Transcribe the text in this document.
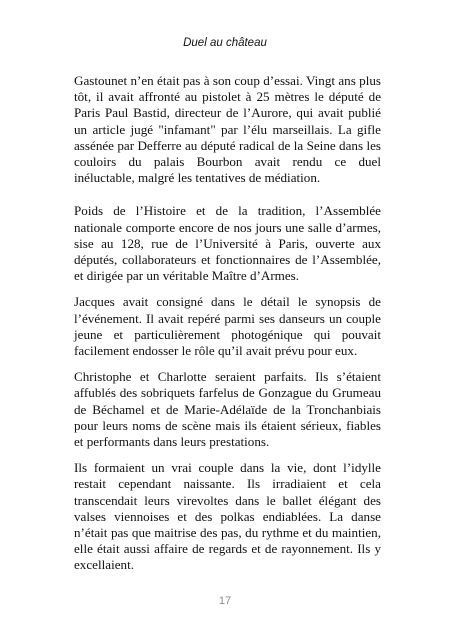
Duel au château

Gastounet n’en était pas à son coup d’essai. Vingt ans plus tôt, il avait affronté au pistolet à 25 mètres le député de Paris Paul Bastid, directeur de l’Aurore, qui avait publié un article jugé "infamant" par l’élu marseillais. La gifle assénée par Defferre au député radical de la Seine dans les couloirs du palais Bourbon avait rendu ce duel inéluctable, malgré les tentatives de médiation.

Poids de l’Histoire et de la tradition, l’Assemblée nationale comporte encore de nos jours une salle d’armes, sise au 128, rue de l’Université à Paris, ouverte aux députés, collaborateurs et fonctionnaires de l’Assemblée, et dirigée par un véritable Maître d’Armes.

Jacques avait consigné dans le détail le synopsis de l’événement. Il avait repéré parmi ses danseurs un couple jeune et particulièrement photogénique qui pouvait facilement endosser le rôle qu’il avait prévu pour eux.

Christophe et Charlotte seraient parfaits. Ils s’étaient affublés des sobriquets farfelus de Gonzague du Grumeau de Béchamel et de Marie-Adélaïde de la Tronchanbiais pour leurs noms de scène mais ils étaient sérieux, fiables et performants dans leurs prestations.

Ils formaient un vrai couple dans la vie, dont l’idylle restait cependant naissante. Ils irradiaient et cela transcendait leurs virevoltes dans le ballet élégant des valses viennoises et des polkas endiablées. La danse n’était pas que maitrise des pas, du rythme et du maintien, elle était aussi affaire de regards et de rayonnement. Ils y excellaient.

17
